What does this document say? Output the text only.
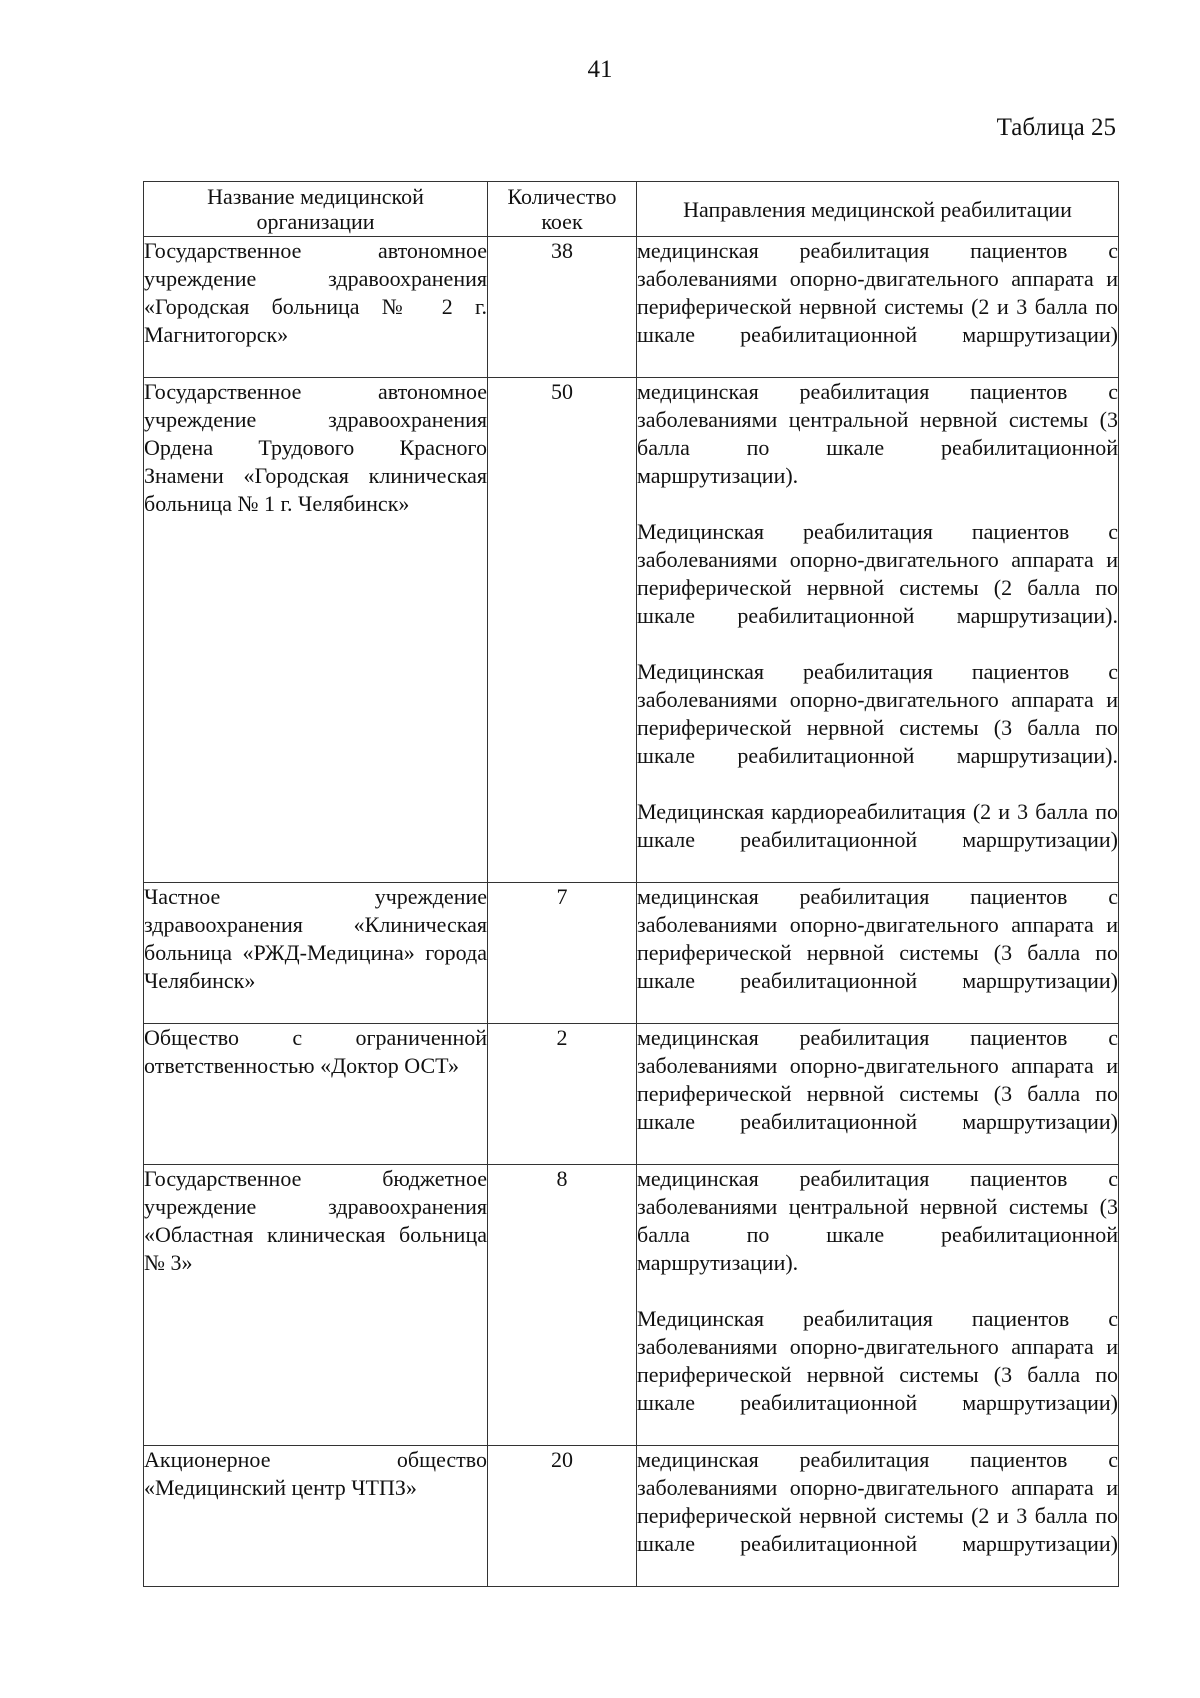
41
Таблица 25
Название медицинской организации	Количество коек	Направления медицинской реабилитации
Государственное автономное учреждение здравоохранения «Городская больница № 2 г. Магнитогорск»	38	медицинская реабилитация пациентов с заболеваниями опорно-двигательного аппарата и периферической нервной системы (2 и 3 балла по шкале реабилитационной маршрутизации)

Государственное автономное учреждение здравоохранения Ордена Трудового Красного Знамени «Городская клиническая больница № 1 г. Челябинск»	50	медицинская реабилитация пациентов с заболеваниями центральной нервной системы (3 балла по шкале реабилитационной маршрутизации).
Медицинская реабилитация пациентов с заболеваниями опорно-двигательного аппарата и периферической нервной системы (2 балла по шкале реабилитационной маршрутизации).
Медицинская реабилитация пациентов с заболеваниями опорно-двигательного аппарата и периферической нервной системы (3 балла по шкале реабилитационной маршрутизации).
Медицинская кардиореабилитация (2 и 3 балла по шкале реабилитационной маршрутизации)

Частное учреждение здравоохранения «Клиническая больница «РЖД-Медицина» города Челябинск»	7	медицинская реабилитация пациентов с заболеваниями опорно-двигательного аппарата и периферической нервной системы (3 балла по шкале реабилитационной маршрутизации)

Общество с ограниченной ответственностью «Доктор ОСТ»	2	медицинская реабилитация пациентов с заболеваниями опорно-двигательного аппарата и периферической нервной системы (3 балла по шкале реабилитационной маршрутизации)

Государственное бюджетное учреждение здравоохранения «Областная клиническая больница № 3»	8	медицинская реабилитация пациентов с заболеваниями центральной нервной системы (3 балла по шкале реабилитационной маршрутизации).
Медицинская реабилитация пациентов с заболеваниями опорно-двигательного аппарата и периферической нервной системы (3 балла по шкале реабилитационной маршрутизации)

Акционерное общество «Медицинский центр ЧТПЗ»	20	медицинская реабилитация пациентов с заболеваниями опорно-двигательного аппарата и периферической нервной системы (2 и 3 балла по шкале реабилитационной маршрутизации)
